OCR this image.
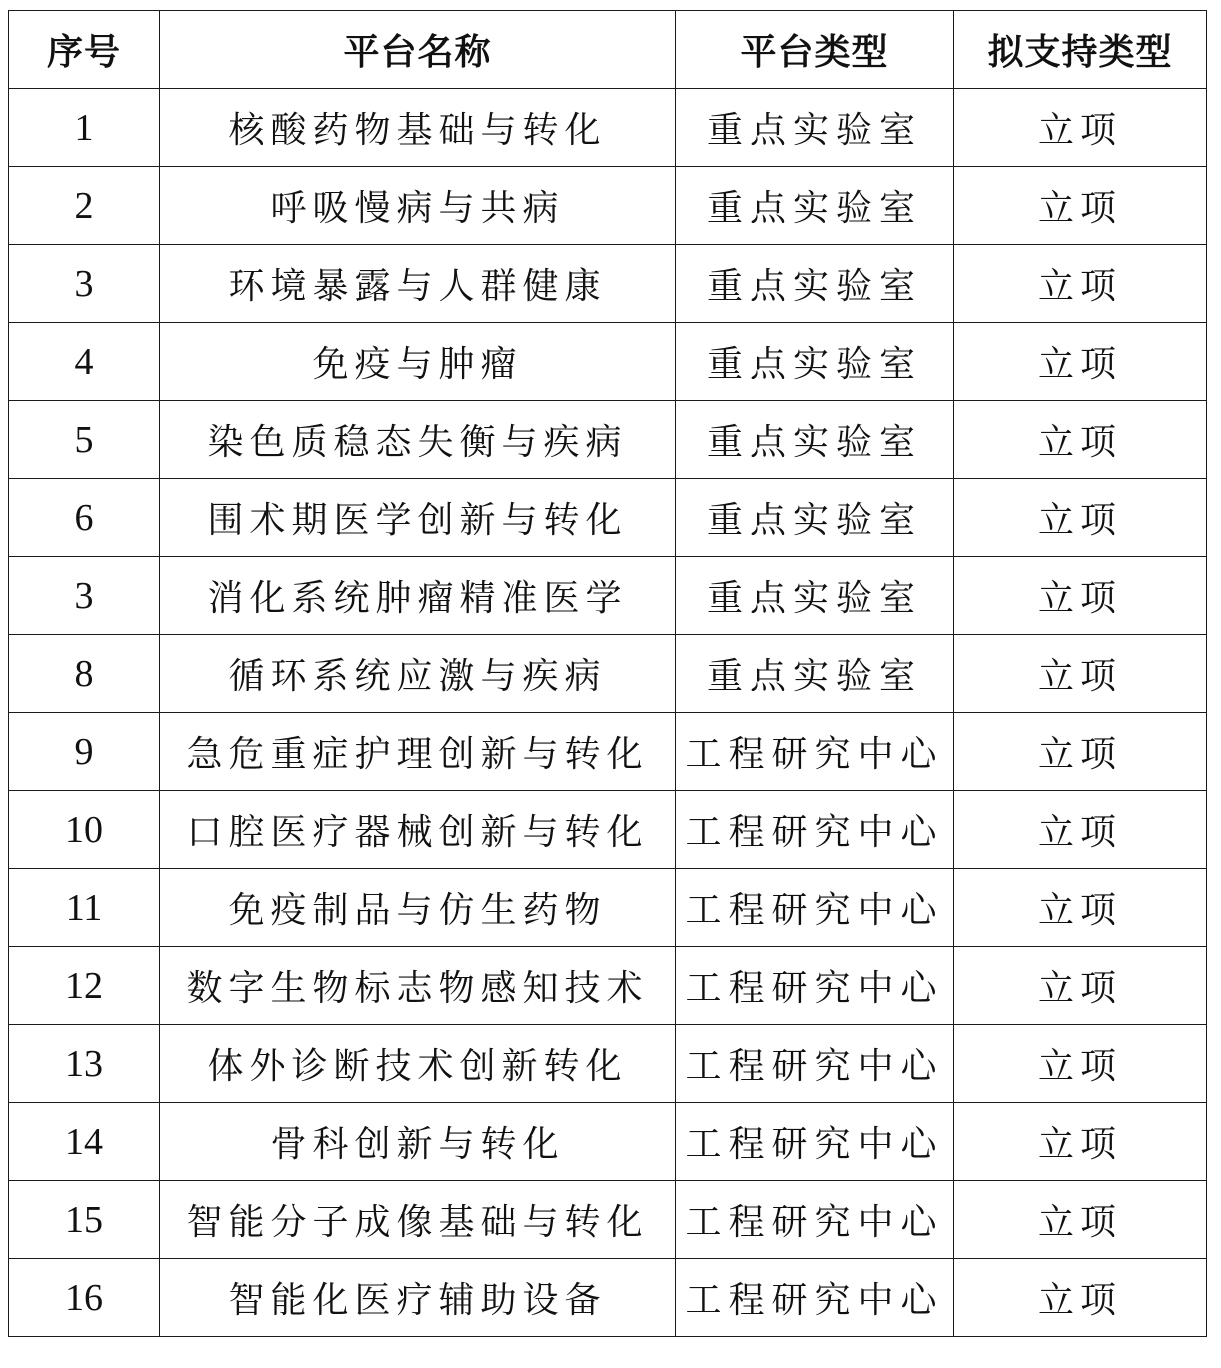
序号	平台名称	平台类型	拟支持类型
1	核酸药物基础与转化	重点实验室	立项
2	呼吸慢病与共病	重点实验室	立项
3	环境暴露与人群健康	重点实验室	立项
4	免疫与肿瘤	重点实验室	立项
5	染色质稳态失衡与疾病	重点实验室	立项
6	围术期医学创新与转化	重点实验室	立项
3	消化系统肿瘤精准医学	重点实验室	立项
8	循环系统应激与疾病	重点实验室	立项
9	急危重症护理创新与转化	工程研究中心	立项
10	口腔医疗器械创新与转化	工程研究中心	立项
11	免疫制品与仿生药物	工程研究中心	立项
12	数字生物标志物感知技术	工程研究中心	立项
13	体外诊断技术创新转化	工程研究中心	立项
14	骨科创新与转化	工程研究中心	立项
15	智能分子成像基础与转化	工程研究中心	立项
16	智能化医疗辅助设备	工程研究中心	立项
